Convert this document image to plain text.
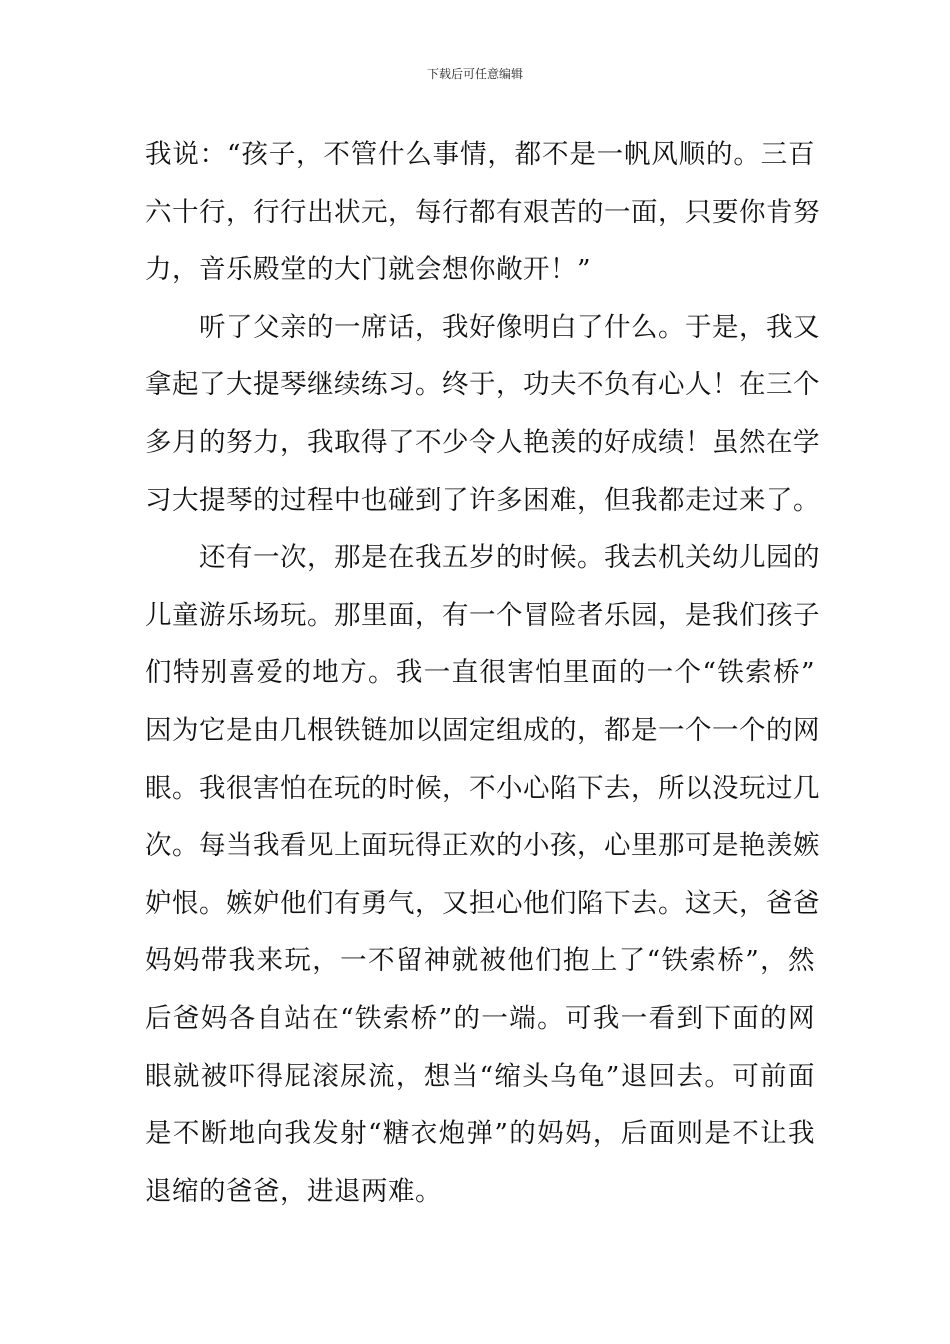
下载后可任意编辑
我说：“孩子，不管什么事情，都不是一帆风顺的。三百
六十行，行行出状元，每行都有艰苦的一面，只要你肯努
力，音乐殿堂的大门就会想你敞开！”
听了父亲的一席话，我好像明白了什么。于是，我又
拿起了大提琴继续练习。终于，功夫不负有心人！在三个
多月的努力，我取得了不少令人艳羡的好成绩！虽然在学
习大提琴的过程中也碰到了许多困难，但我都走过来了。
还有一次，那是在我五岁的时候。我去机关幼儿园的
儿童游乐场玩。那里面，有一个冒险者乐园，是我们孩子
们特别喜爱的地方。我一直很害怕里面的一个“铁索桥”
因为它是由几根铁链加以固定组成的，都是一个一个的网
眼。我很害怕在玩的时候，不小心陷下去，所以没玩过几
次。每当我看见上面玩得正欢的小孩，心里那可是艳羡嫉
妒恨。嫉妒他们有勇气，又担心他们陷下去。这天，爸爸
妈妈带我来玩，一不留神就被他们抱上了“铁索桥”，然
后爸妈各自站在“铁索桥”的一端。可我一看到下面的网
眼就被吓得屁滚尿流，想当“缩头乌龟”退回去。可前面
是不断地向我发射“糖衣炮弹”的妈妈，后面则是不让我
退缩的爸爸，进退两难。
